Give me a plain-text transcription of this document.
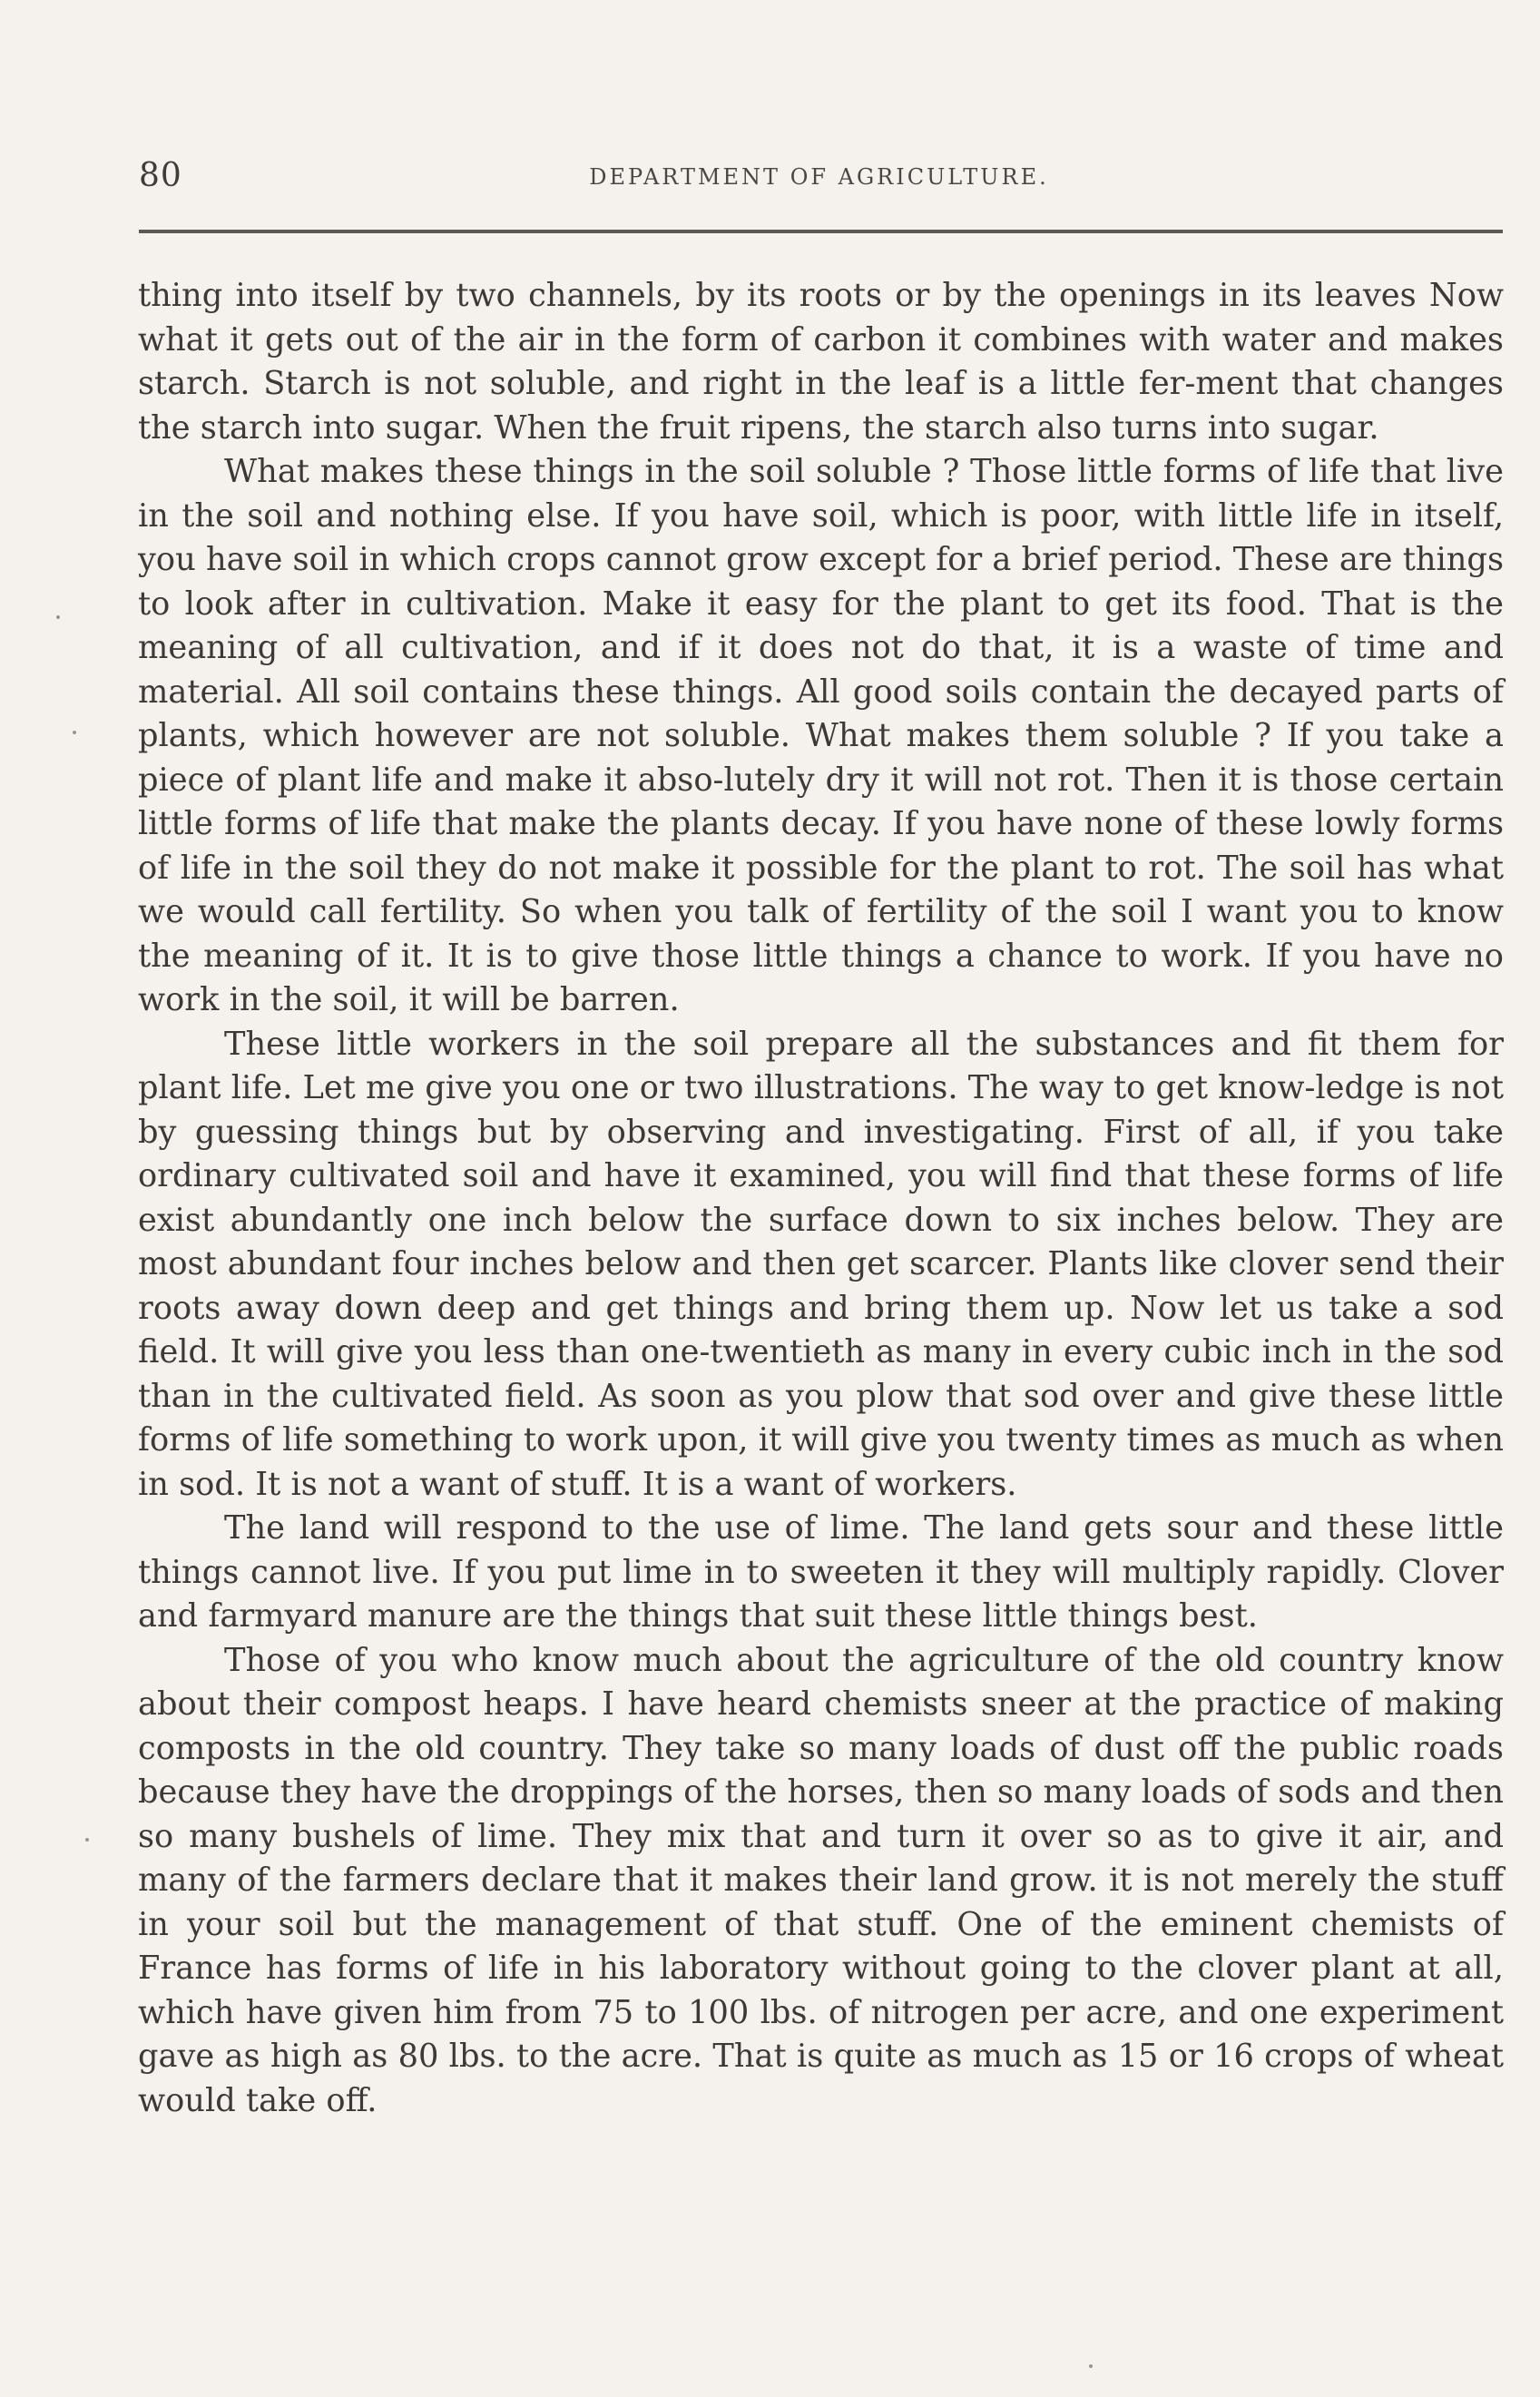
80	DEPARTMENT OF AGRICULTURE.

thing into itself by two channels, by its roots or by the openings in its leaves Now what it gets out of the air in the form of carbon it combines with water and makes starch. Starch is not soluble, and right in the leaf is a little fer-ment that changes the starch into sugar. When the fruit ripens, the starch also turns into sugar.

What makes these things in the soil soluble ? Those little forms of life that live in the soil and nothing else. If you have soil, which is poor, with little life in itself, you have soil in which crops cannot grow except for a brief period. These are things to look after in cultivation. Make it easy for the plant to get its food. That is the meaning of all cultivation, and if it does not do that, it is a waste of time and material. All soil contains these things. All good soils contain the decayed parts of plants, which however are not soluble. What makes them soluble ? If you take a piece of plant life and make it abso-lutely dry it will not rot. Then it is those certain little forms of life that make the plants decay. If you have none of these lowly forms of life in the soil they do not make it possible for the plant to rot. The soil has what we would call fertility. So when you talk of fertility of the soil I want you to know the meaning of it. It is to give those little things a chance to work. If you have no work in the soil, it will be barren.

These little workers in the soil prepare all the substances and fit them for plant life. Let me give you one or two illustrations. The way to get know-ledge is not by guessing things but by observing and investigating. First of all, if you take ordinary cultivated soil and have it examined, you will find that these forms of life exist abundantly one inch below the surface down to six inches below. They are most abundant four inches below and then get scarcer. Plants like clover send their roots away down deep and get things and bring them up. Now let us take a sod field. It will give you less than one-twentieth as many in every cubic inch in the sod than in the cultivated field. As soon as you plow that sod over and give these little forms of life something to work upon, it will give you twenty times as much as when in sod. It is not a want of stuff. It is a want of workers.

The land will respond to the use of lime. The land gets sour and these little things cannot live. If you put lime in to sweeten it they will multiply rapidly. Clover and farmyard manure are the things that suit these little things best.

Those of you who know much about the agriculture of the old country know about their compost heaps. I have heard chemists sneer at the practice of making composts in the old country. They take so many loads of dust off the public roads because they have the droppings of the horses, then so many loads of sods and then so many bushels of lime. They mix that and turn it over so as to give it air, and many of the farmers declare that it makes their land grow. it is not merely the stuff in your soil but the management of that stuff. One of the eminent chemists of France has forms of life in his laboratory without going to the clover plant at all, which have given him from 75 to 100 lbs. of nitrogen per acre, and one experiment gave as high as 80 lbs. to the acre. That is quite as much as 15 or 16 crops of wheat would take off.
